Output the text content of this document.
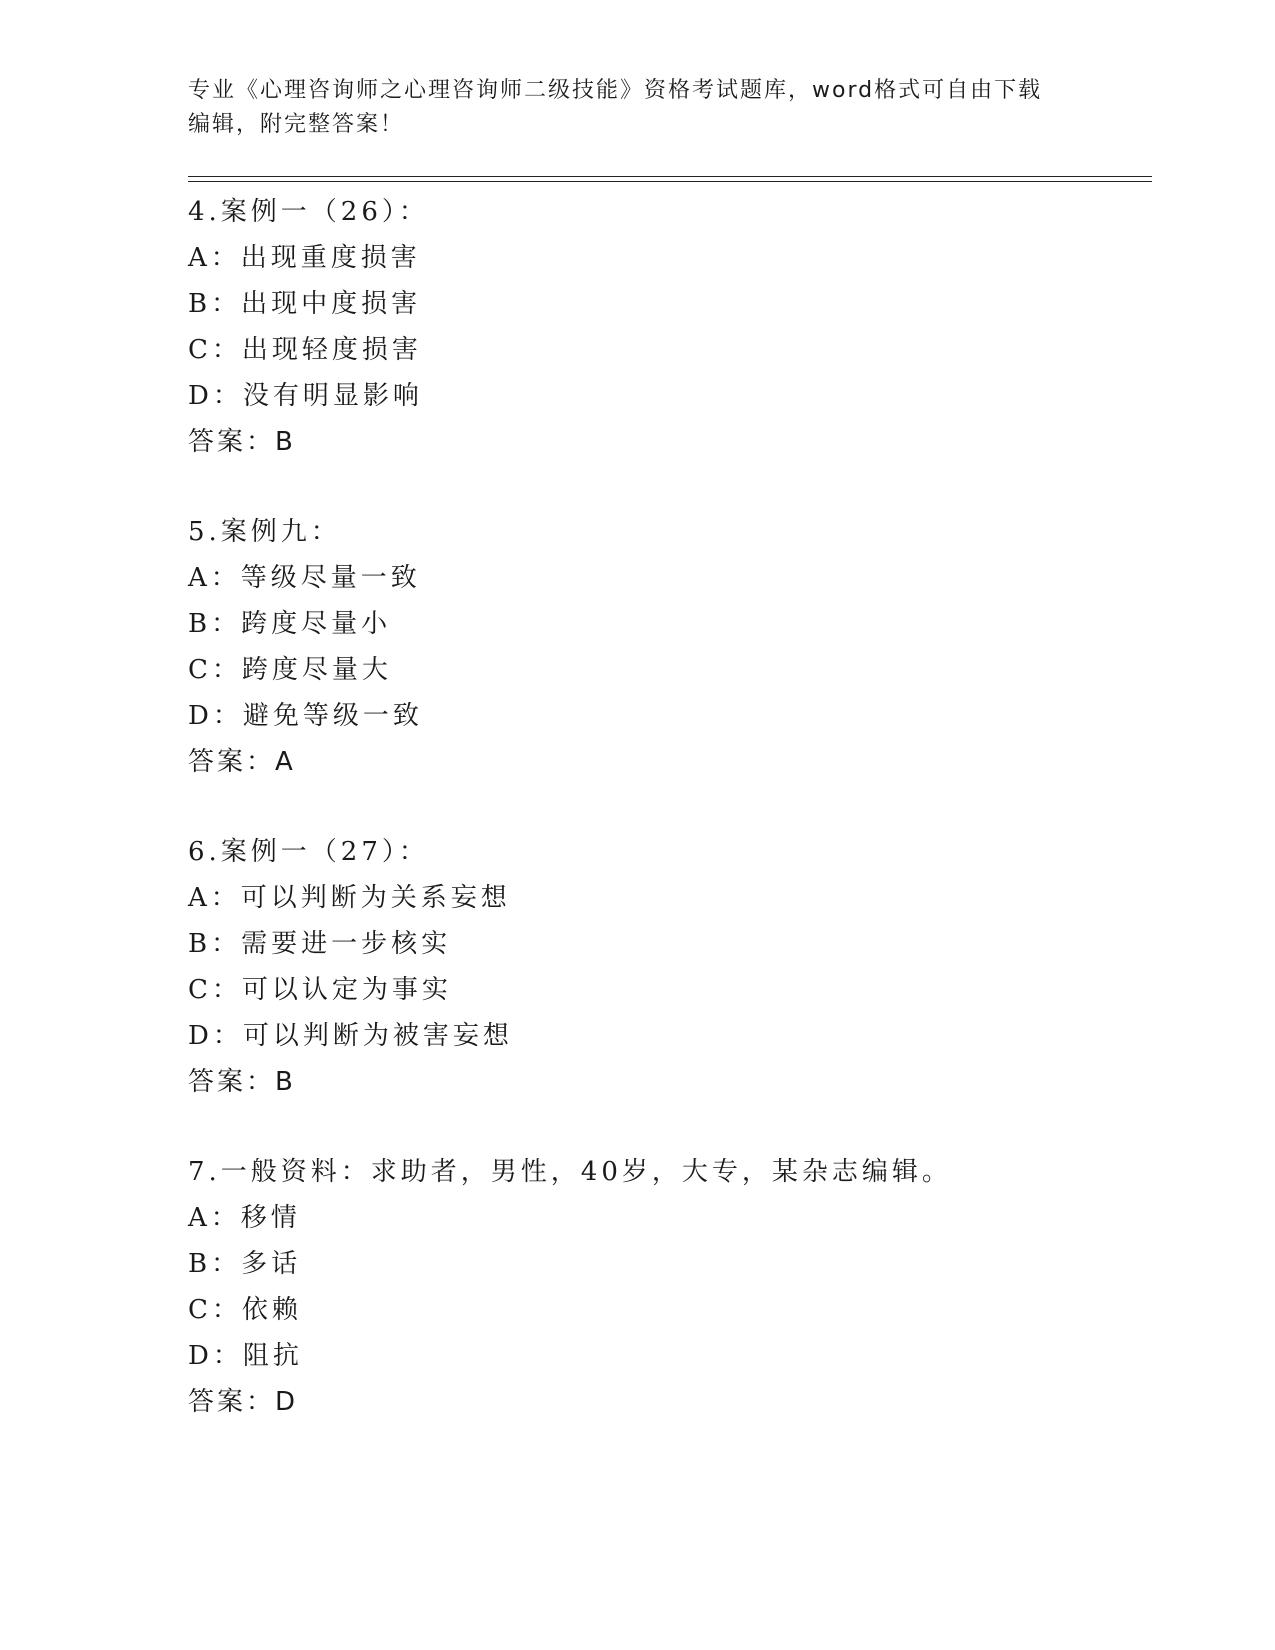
专业《心理咨询师之心理咨询师二级技能》资格考试题库，word格式可自由下载
编辑，附完整答案！
4.案例一（26）：
A：出现重度损害
B：出现中度损害
C：出现轻度损害
D：没有明显影响
答案：B
5.案例九：
A：等级尽量一致
B：跨度尽量小
C：跨度尽量大
D：避免等级一致
答案：A
6.案例一（27）：
A：可以判断为关系妄想
B：需要进一步核实
C：可以认定为事实
D：可以判断为被害妄想
答案：B
7.一般资料：求助者，男性，40岁，大专，某杂志编辑。
A：移情
B：多话
C：依赖
D：阻抗
答案：D
